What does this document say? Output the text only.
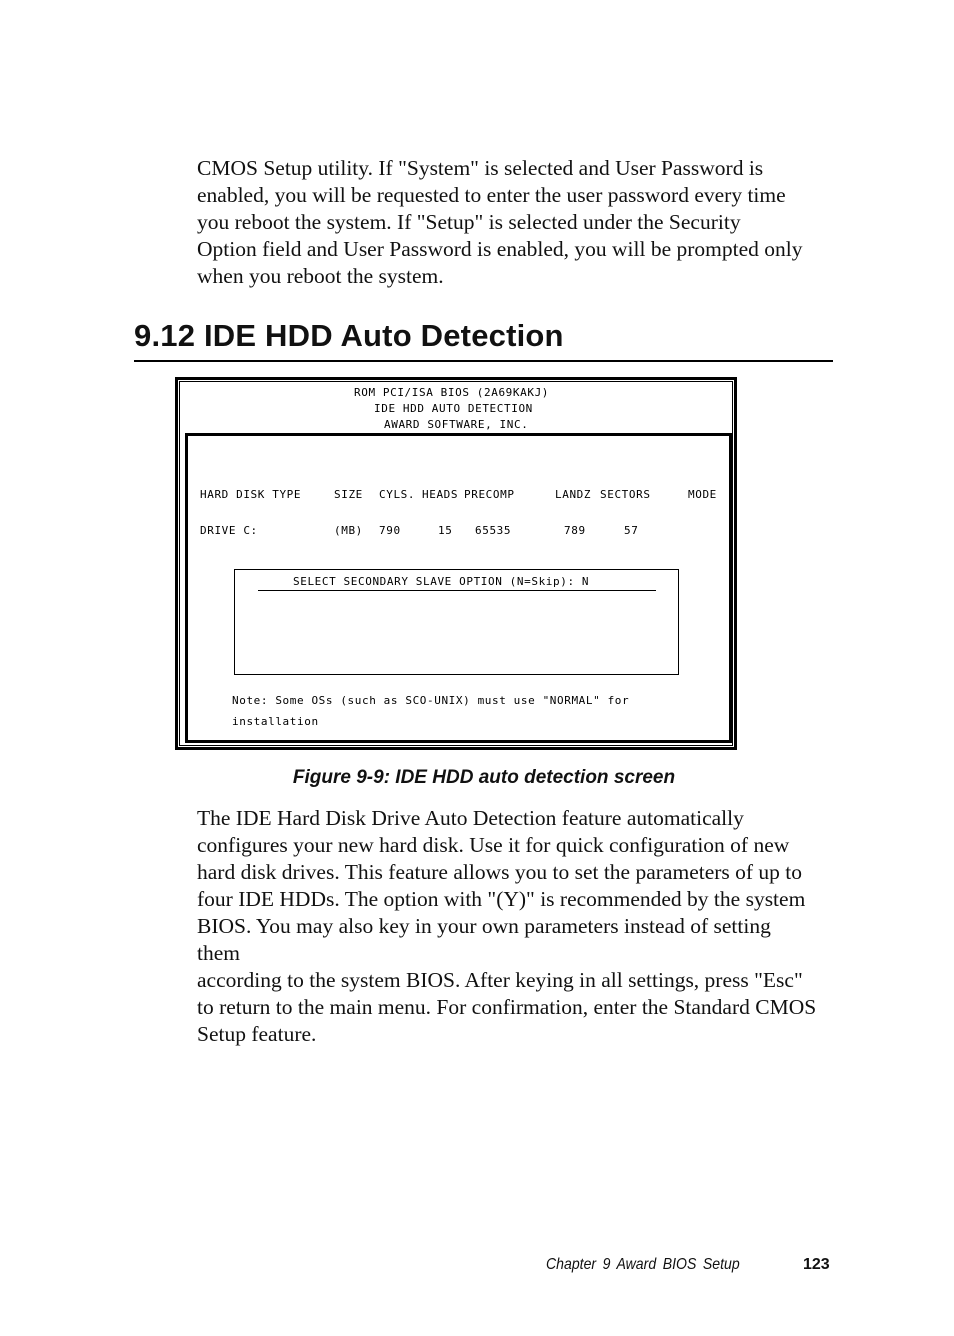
CMOS Setup utility. If "System" is selected and User Password is
enabled, you will be requested to enter the user password every time
you reboot the system. If "Setup" is selected under the Security
Option field and User Password is enabled, you will be prompted only
when you reboot the system.

9.12 IDE HDD Auto Detection
ROM PCI/ISA BIOS (2A69KAKJ)
IDE HDD AUTO DETECTION
AWARD SOFTWARE, INC.
HARD DISK TYPE	SIZE CYLS. HEADS PRECOMP	LANDZ SECTORS	MODE
DRIVE C:	(MB) 790	15 65535	789	57
SELECT SECONDARY SLAVE OPTION (N=Skip): N
Note: Some OSs (such as SCO-UNIX) must use "NORMAL" for
installation

Figure 9-9: IDE HDD auto detection screen

The IDE Hard Disk Drive Auto Detection feature automatically
configures your new hard disk. Use it for quick configuration of new
hard disk drives. This feature allows you to set the parameters of up to
four IDE HDDs. The option with "(Y)" is recommended by the system
BIOS. You may also key in your own parameters instead of setting
them
according to the system BIOS. After keying in all settings, press "Esc"
to return to the main menu. For confirmation, enter the Standard CMOS
Setup feature.

Chapter 9 Award BIOS Setup	123
